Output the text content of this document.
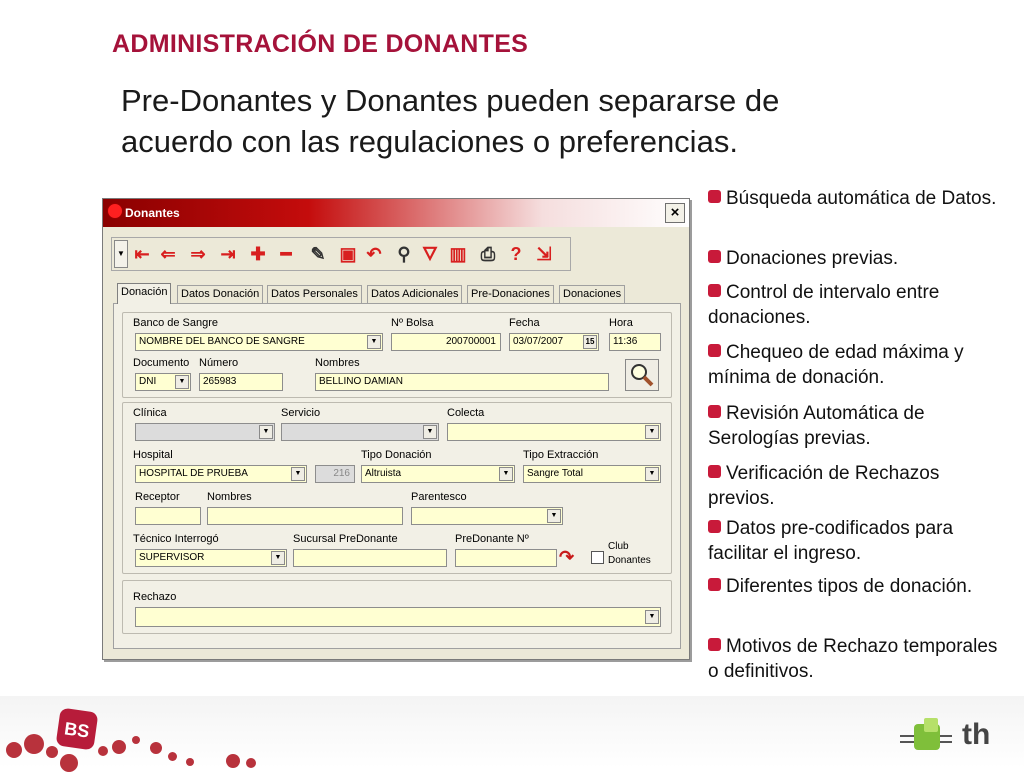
ADMINISTRACIÓN DE DONANTES
Pre-Donantes y Donantes pueden separarse de acuerdo con las regulaciones o preferencias.
Donantes	×
▼ ⇤ ⇐ ⇒ ⇥ ✚ ━	✎ ▣ ↶ ⚲ 🜄 ▥ ⎙ ? ⇲
Donación	Datos Donación	Datos Personales	Datos Adicionales	Pre-Donaciones	Donaciones
Banco de Sangre
NOMBRE DEL BANCO DE SANGRE	▼
Nº Bolsa
200700001
Fecha
03/07/2007	15
Hora
11:36
Documento
DNI	▼
Número
265983
Nombres
BELLINO DAMIAN
Clínica
▼
Servicio
▼
Colecta
▼
Hospital
HOSPITAL DE PRUEBA	▼	216
Tipo Donación
Altruista	▼
Tipo Extracción
Sangre Total	▼
Receptor Nombres	Parentesco
▼
Técnico Interrogó
SUPERVISOR	▼
Sucursal PreDonante	PreDonante Nº
↷
Club
Donantes
Rechazo
▼
Búsqueda automática de Datos.
Donaciones previas.
Control de intervalo entre donaciones.
Chequeo de edad máxima y mínima de donación.
Revisión Automática de Serologías previas.
Verificación de Rechazos previos.
Datos pre-codificados para facilitar el ingreso.
Diferentes tipos de donación.
Motivos de Rechazo temporales o definitivos.
BS	th
